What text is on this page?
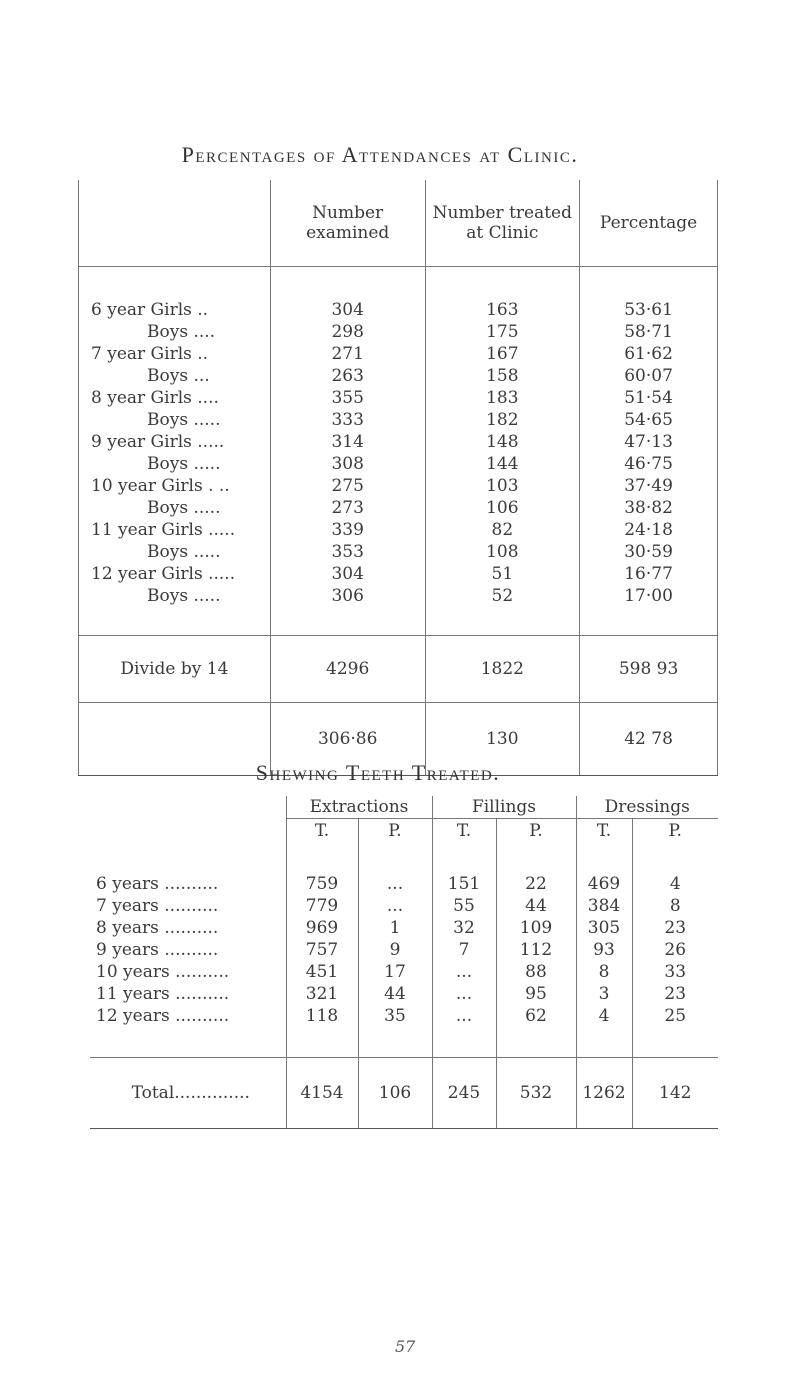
Percentages of Attendances at Clinic.
	Number examined	Number treated at Clinic	Percentage

6 year Girls ..	304	163	53·61
Boys ....	298	175	58·71
7 year Girls ..	271	167	61·62
Boys ...	263	158	60·07
8 year Girls ....	355	183	51·54
Boys .....	333	182	54·65
9 year Girls .....	314	148	47·13
Boys .....	308	144	46·75
10 year Girls . ..	275	103	37·49
Boys .....	273	106	38·82
11 year Girls .....	339	82	24·18
Boys .....	353	108	30·59
12 year Girls .....	304	51	16·77
Boys .....	306	52	17·00

Divide by 14	4296	1822	598 93
	306·86	130	42 78
Shewing Teeth Treated.
	Extractions		Fillings		Dressings	
	T.	P.	T.	P.	T.	P.

6 years ..........	759	...	151	22	469	4
7 years ..........	779	...	55	44	384	8
8 years ..........	969	1	32	109	305	23
9 years ..........	757	9	7	112	93	26
10 years ..........	451	17	...	88	8	33
11 years ..........	321	44	...	95	3	23
12 years ..........	118	35	...	62	4	25

Total..............	4154	106	245	532	1262	142
57
